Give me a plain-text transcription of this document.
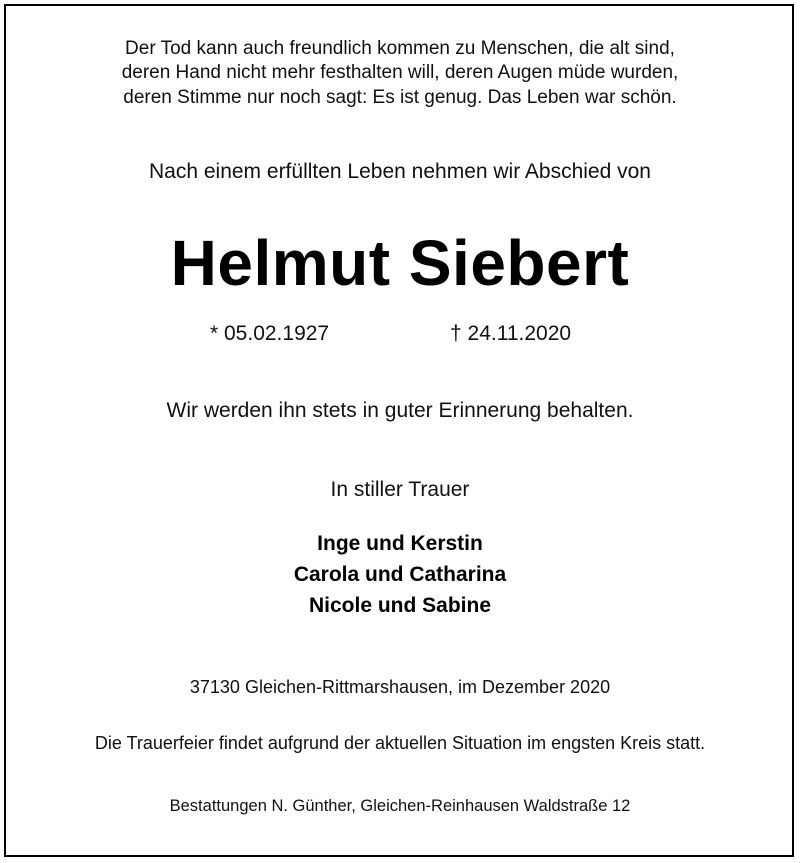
Der Tod kann auch freundlich kommen zu Menschen, die alt sind,
deren Hand nicht mehr festhalten will, deren Augen müde wurden,
deren Stimme nur noch sagt: Es ist genug. Das Leben war schön.
Nach einem erfüllten Leben nehmen wir Abschied von
Helmut Siebert
* 05.02.1927	† 24.11.2020
Wir werden ihn stets in guter Erinnerung behalten.
In stiller Trauer
Inge und Kerstin
Carola und Catharina
Nicole und Sabine
37130 Gleichen-Rittmarshausen, im Dezember 2020
Die Trauerfeier findet aufgrund der aktuellen Situation im engsten Kreis statt.
Bestattungen N. Günther, Gleichen-Reinhausen Waldstraße 12
